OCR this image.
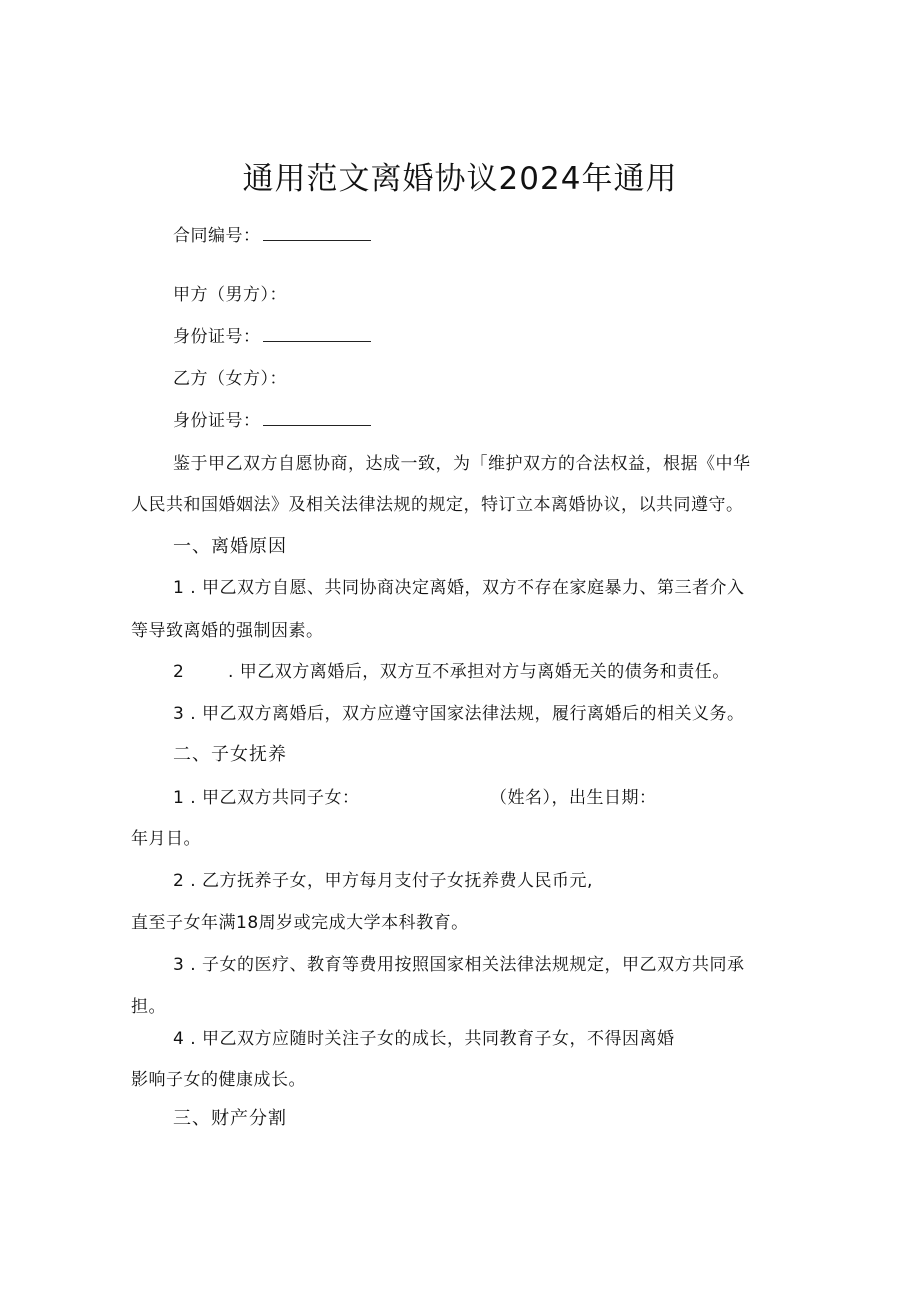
通用范文离婚协议2024年通用
合同编号：
甲方（男方）：
身份证号：
乙方（女方）：
身份证号：
鉴于甲乙双方自愿协商，达成一致，为「维护双方的合法权益，根据《中华
人民共和国婚姻法》及相关法律法规的规定，特订立本离婚协议，以共同遵守。
一、离婚原因
1 . 甲乙双方自愿、共同协商决定离婚，双方不存在家庭暴力、第三者介入
等导致离婚的强制因素。
2	. 甲乙双方离婚后，双方互不承担对方与离婚无关的债务和责任。
3 . 甲乙双方离婚后，双方应遵守国家法律法规，履行离婚后的相关义务。
二、子女抚养
1 . 甲乙双方共同子女：	（姓名），出生日期：
年月日。
2 . 乙方抚养子女，甲方每月支付子女抚养费人民币元,
直至子女年满18周岁或完成大学本科教育。
3 . 子女的医疗、教育等费用按照国家相关法律法规规定，甲乙双方共同承
担。
4 . 甲乙双方应随时关注子女的成长，共同教育子女，不得因离婚
影响子女的健康成长。
三、财产分割
